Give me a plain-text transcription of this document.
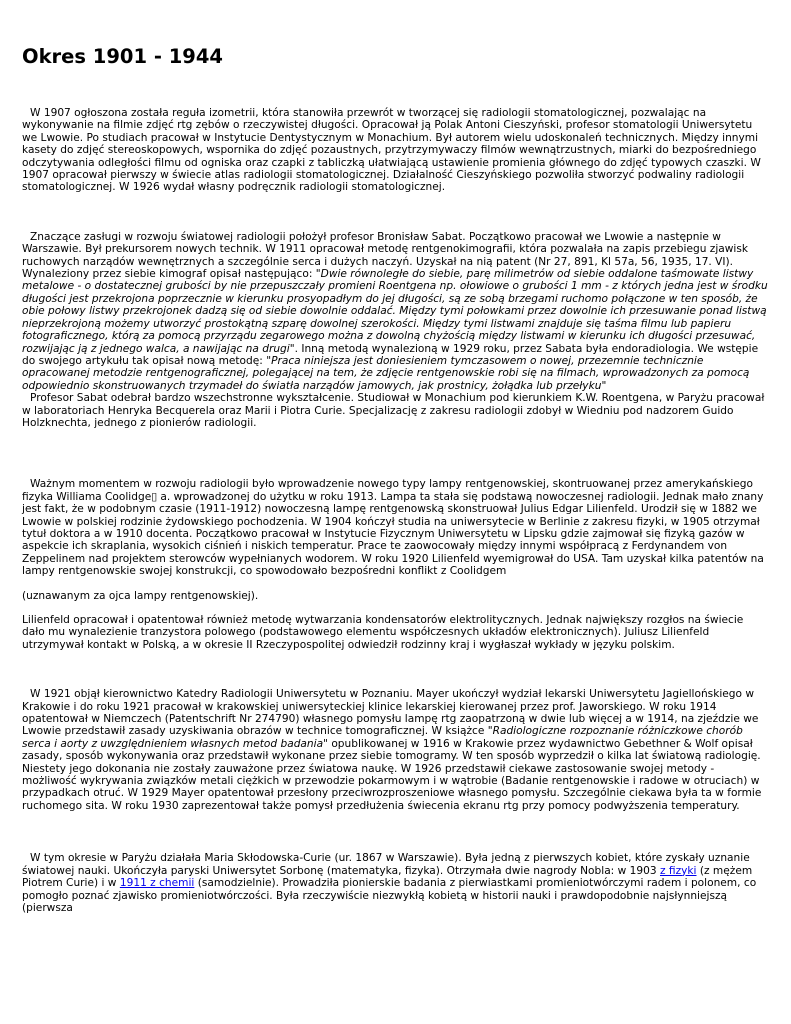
Okres 1901 - 1944

W 1907 ogłoszona została reguła izometrii, która stanowiła przewrót w tworzącej się radiologii stomatologicznej, pozwalając na wykonywanie na filmie zdjęć rtg zębów o rzeczywistej długości. Opracował ją Polak Antoni Cieszyński, profesor stomatologii Uniwersytetu we Lwowie. Po studiach pracował w Instytucie Dentystycznym w Monachium. Był autorem wielu udoskonaleń technicznych. Między innymi kasety do zdjęć stereoskopowych, wspornika do zdjęć pozaustnych, przytrzymywaczy filmów wewnątrzustnych, miarki do bezpośredniego odczytywania odległości filmu od ogniska oraz czapki z tabliczką ułatwiającą ustawienie promienia głównego do zdjęć typowych czaszki. W 1907 opracował pierwszy w świecie atlas radiologii stomatologicznej. Działalność Cieszyńskiego pozwoliła stworzyć podwaliny radiologii stomatologicznej. W 1926 wydał własny podręcznik radiologii stomatologicznej.

Znaczące zasługi w rozwoju światowej radiologii położył profesor Bronisław Sabat. Początkowo pracował we Lwowie a następnie w Warszawie. Był prekursorem nowych technik. W 1911 opracował metodę rentgenokimografii, która pozwalała na zapis przebiegu zjawisk ruchowych narządów wewnętrznych a szczególnie serca i dużych naczyń. Uzyskał na nią patent (Nr 27, 891, Kl 57a, 56, 1935, 17. VI). Wynaleziony przez siebie kimograf opisał następująco: "Dwie równoległe do siebie, parę milimetrów od siebie oddalone taśmowate listwy metalowe - o dostatecznej grubości by nie przepuszczały promieni Roentgena np. ołowiowe o grubości 1 mm - z których jedna jest w środku długości jest przekrojona poprzecznie w kierunku prosyopadłym do jej długości, są ze sobą brzegami ruchomo połączone w ten sposób, że obie połowy listwy przekrojonek dadzą się od siebie dowolnie oddalać. Między tymi połowkami przez dowolnie ich przesuwanie ponad listwą nieprzekrojoną możemy utworzyć prostokątną szparę dowolnej szerokości. Między tymi listwami znajduje się taśma filmu lub papieru fotograficznego, którą za pomocą przyrządu zegarowego można z dowolną chyżością między listwami w kierunku ich długości przesuwać, rozwijając ją z jednego walca, a nawijając na drugi". Inną metodą wynalezioną w 1929 roku, przez Sabata była endoradiologia. We wstępie do swojego artykułu tak opisał nową metodę: "Praca niniejsza jest doniesieniem tymczasowem o nowej, przezemnie technicznie opracowanej metodzie rentgenograficznej, polegającej na tem, że zdjęcie rentgenowskie robi się na filmach, wprowadzonych za pomocą odpowiednio skonstruowanych trzymadeł do światła narządów jamowych, jak prostnicy, żołądka lub przełyku"
Profesor Sabat odebrał bardzo wszechstronne wykształcenie. Studiował w Monachium pod kierunkiem K.W. Roentgena, w Paryżu pracował w laboratoriach Henryka Becquerela oraz Marii i Piotra Curie. Specjalizację z zakresu radiologii zdobył w Wiedniu pod nadzorem Guido Holzknechta, jednego z pionierów radiologii.

Ważnym momentem w rozwoju radiologii było wprowadzenie nowego typy lampy rentgenowskiej, skontruowanej przez amerykańskiego fizyka Williama Coolidge▯ a. wprowadzonej do użytku w roku 1913. Lampa ta stała się podstawą nowoczesnej radiologii. Jednak mało znany jest fakt, że w podobnym czasie (1911-1912) nowoczesną lampę rentgenowską skonstruował Julius Edgar Lilienfeld. Urodził się w 1882 we Lwowie w polskiej rodzinie żydowskiego pochodzenia. W 1904 kończył studia na uniwersytecie w Berlinie z zakresu fizyki, w 1905 otrzymał tytuł doktora a w 1910 docenta. Początkowo pracował w Instytucie Fizycznym Uniwersytetu w Lipsku gdzie zajmował się fizyką gazów w aspekcie ich skraplania, wysokich ciśnień i niskich temperatur. Prace te zaowocowały między innymi współpracą z Ferdynandem von Zeppelinem nad projektem sterowców wypełnianych wodorem. W roku 1920 Lilienfeld wyemigrował do USA. Tam uzyskał kilka patentów na lampy rentgenowskie swojej konstrukcji, co spowodowało bezpośredni konflikt z Coolidgem

(uznawanym za ojca lampy rentgenowskiej).

Lilienfeld opracował i opatentował również metodę wytwarzania kondensatorów elektrolitycznych. Jednak największy rozgłos na świecie dało mu wynalezienie tranzystora polowego (podstawowego elementu współczesnych układów elektronicznych). Juliusz Lilienfeld utrzymywał kontakt w Polską, a w okresie II Rzeczypospolitej odwiedził rodzinny kraj i wygłaszał wykłady w języku polskim.

W 1921 objął kierownictwo Katedry Radiologii Uniwersytetu w Poznaniu. Mayer ukończył wydział lekarski Uniwersytetu Jagiellońskiego w Krakowie i do roku 1921 pracował w krakowskiej uniwersyteckiej klinice lekarskiej kierowanej przez prof. Jaworskiego. W roku 1914 opatentował w Niemczech (Patentschrift Nr 274790) własnego pomysłu lampę rtg zaopatrzoną w dwie lub więcej a w 1914, na zjeździe we Lwowie przedstawił zasady uzyskiwania obrazów w technice tomograficznej. W książce "Radiologiczne rozpoznanie różniczkowe chorób serca i aorty z uwzględnieniem własnych metod badania" opublikowanej w 1916 w Krakowie przez wydawnictwo Gebethner & Wolf opisał zasady, sposób wykonywania oraz przedstawił wykonane przez siebie tomogramy. W ten sposób wyprzedził o kilka lat światową radiologię. Niestety jego dokonania nie zostały zauważone przez światowa naukę. W 1926 przedstawił ciekawe zastosowanie swojej metody - możliwość wykrywania związków metali ciężkich w przewodzie pokarmowym i w wątrobie (Badanie rentgenowskie i radowe w otruciach) w przypadkach otruć. W 1929 Mayer opatentował przesłony przeciwrozproszeniowe własnego pomysłu. Szczególnie ciekawa była ta w formie ruchomego sita. W roku 1930 zaprezentował także pomysł przedłużenia świecenia ekranu rtg przy pomocy podwyższenia temperatury.

W tym okresie w Paryżu działała Maria Skłodowska-Curie (ur. 1867 w Warszawie). Była jedną z pierwszych kobiet, które zyskały uznanie światowej nauki. Ukończyła paryski Uniwersytet Sorbonę (matematyka, fizyka). Otrzymała dwie nagrody Nobla: w 1903 z fizyki (z mężem Piotrem Curie) i w 1911 z chemii (samodzielnie). Prowadziła pionierskie badania z pierwiastkami promieniotwórczymi radem i polonem, co pomogło poznać zjawisko promieniotwórczości. Była rzeczywiście niezwykłą kobietą w historii nauki i prawdopodobnie najsłynniejszą (pierwsza
